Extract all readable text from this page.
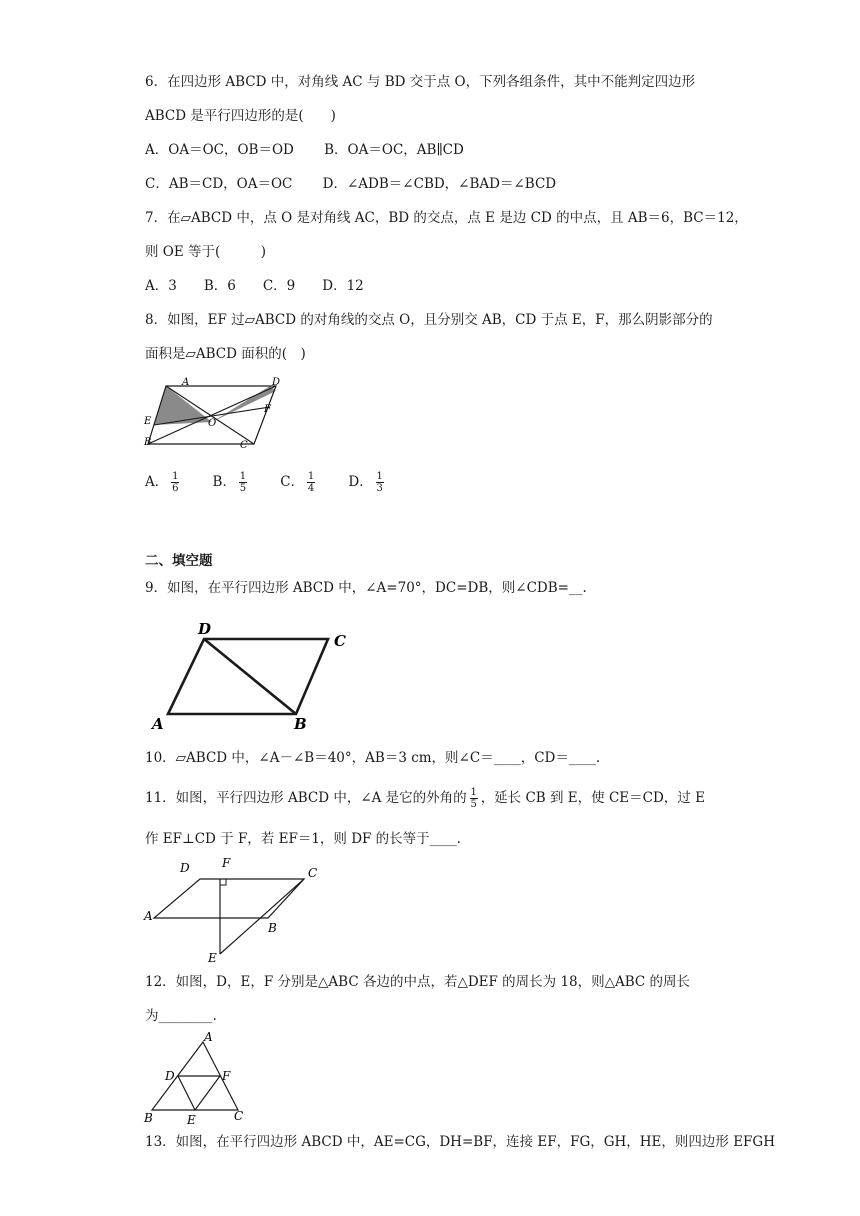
6．在四边形 ABCD 中，对角线 AC 与 BD 交于点 O，下列各组条件，其中不能判定四边形
ABCD 是平行四边形的是(　　)
A．OA＝OC，OB＝OD B．OA＝OC，AB∥CD
C．AB＝CD，OA＝OC D．∠ADB＝∠CBD，∠BAD＝∠BCD
7．在▱ABCD 中，点 O 是对角线 AC，BD 的交点，点 E 是边 CD 的中点，且 AB＝6，BC＝12，
则 OE 等于(　　　)
A．3　　B．6　　C．9　　D．12
8．如图，EF 过▱ABCD 的对角线的交点 O，且分别交 AB，CD 于点 E，F，那么阴影部分的
面积是▱ABCD 面积的(　)
A	D
E
F
O
B	C
A． $\frac{1}{6}$ B． $\frac{1}{5}$ C． $\frac{1}{4}$ D． $\frac{1}{3}$
二、填空题
9．如图，在平行四边形 ABCD 中，∠A=70°，DC=DB，则∠CDB=__.
D
C
A	B
10．▱ABCD 中，∠A－∠B＝40°，AB＝3 cm，则∠C＝____，CD＝____.
11．如图，平行四边形 ABCD 中，∠A 是它的外角的 $\frac{1}{5}$ ，延长 CB 到 E，使 CE＝CD，过 E
作 EF⊥CD 于 F，若 EF＝1，则 DF 的长等于____.
D	F
C
A
B
E
12．如图，D，E，F 分别是△ABC 各边的中点，若△DEF 的周长为 18，则△ABC 的周长
为________.
A
D	F
B	E	C
13．如图，在平行四边形 ABCD 中，AE=CG，DH=BF，连接 EF，FG，GH，HE，则四边形 EFGH
